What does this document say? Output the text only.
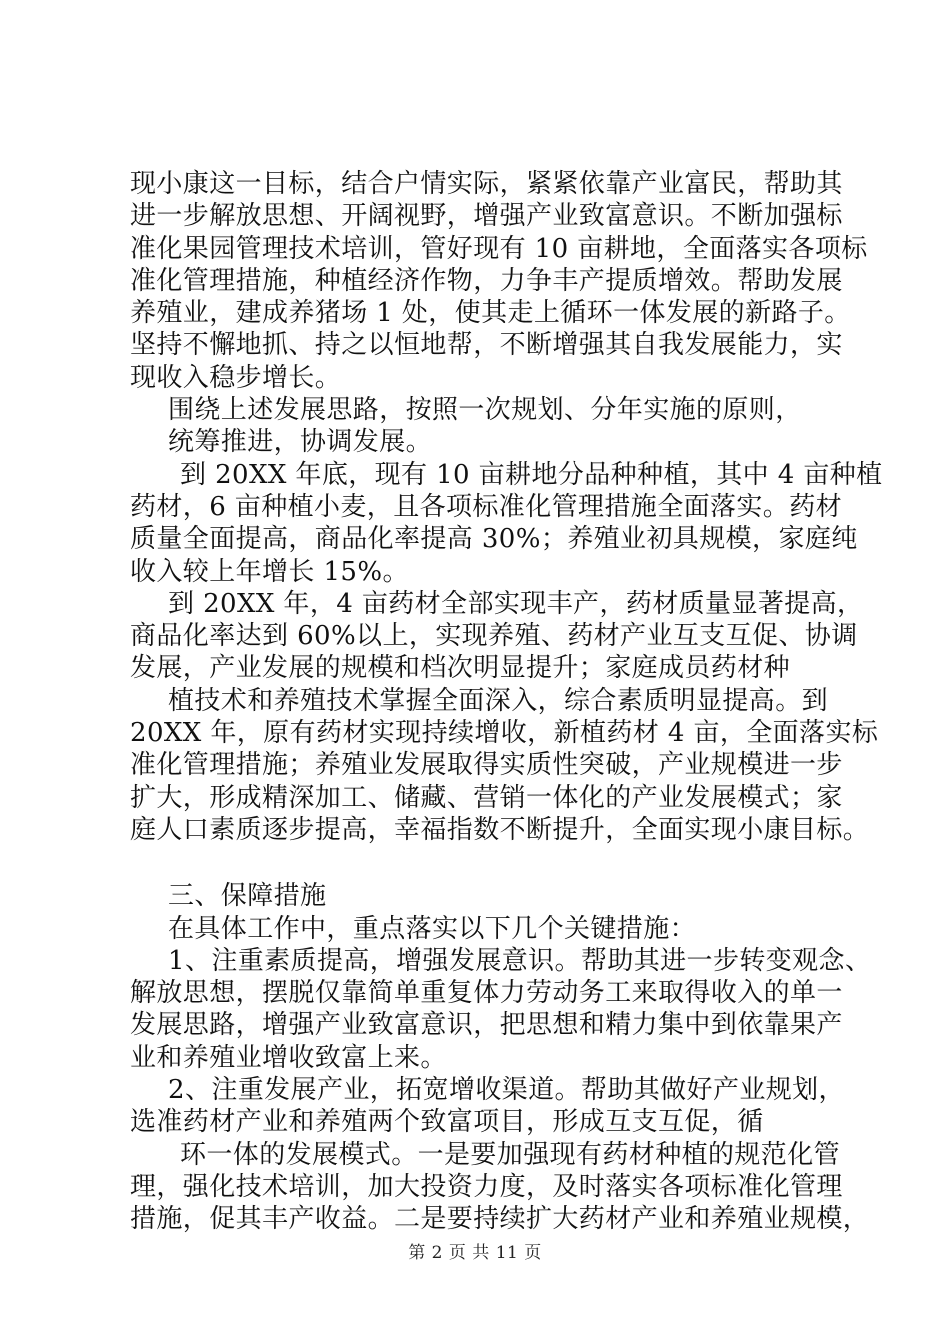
现小康这一目标，结合户情实际，紧紧依靠产业富民，帮助其
进一步解放思想、开阔视野，增强产业致富意识。不断加强标
准化果园管理技术培训，管好现有 10 亩耕地，全面落实各项标
准化管理措施，种植经济作物，力争丰产提质增效。帮助发展
养殖业，建成养猪场 1 处，使其走上循环一体发展的新路子。
坚持不懈地抓、持之以恒地帮，不断增强其自我发展能力，实
现收入稳步增长。
围绕上述发展思路，按照一次规划、分年实施的原则，
统筹推进，协调发展。
到 20XX 年底，现有 10 亩耕地分品种种植，其中 4 亩种植
药材，6 亩种植小麦，且各项标准化管理措施全面落实。药材
质量全面提高，商品化率提高 30%；养殖业初具规模，家庭纯
收入较上年增长 15%。
到 20XX 年，4 亩药材全部实现丰产，药材质量显著提高，
商品化率达到 60%以上，实现养殖、药材产业互支互促、协调
发展，产业发展的规模和档次明显提升；家庭成员药材种
植技术和养殖技术掌握全面深入，综合素质明显提高。到
20XX 年，原有药材实现持续增收，新植药材 4 亩，全面落实标
准化管理措施；养殖业发展取得实质性突破，产业规模进一步
扩大，形成精深加工、储藏、营销一体化的产业发展模式；家
庭人口素质逐步提高，幸福指数不断提升，全面实现小康目标。
三、保障措施
在具体工作中，重点落实以下几个关键措施：
1、注重素质提高，增强发展意识。帮助其进一步转变观念、
解放思想，摆脱仅靠简单重复体力劳动务工来取得收入的单一
发展思路，增强产业致富意识，把思想和精力集中到依靠果产
业和养殖业增收致富上来。
2、注重发展产业，拓宽增收渠道。帮助其做好产业规划，
选准药材产业和养殖两个致富项目，形成互支互促，循
环一体的发展模式。一是要加强现有药材种植的规范化管
理，强化技术培训，加大投资力度，及时落实各项标准化管理
措施，促其丰产收益。二是要持续扩大药材产业和养殖业规模，
第 2 页 共 11 页
